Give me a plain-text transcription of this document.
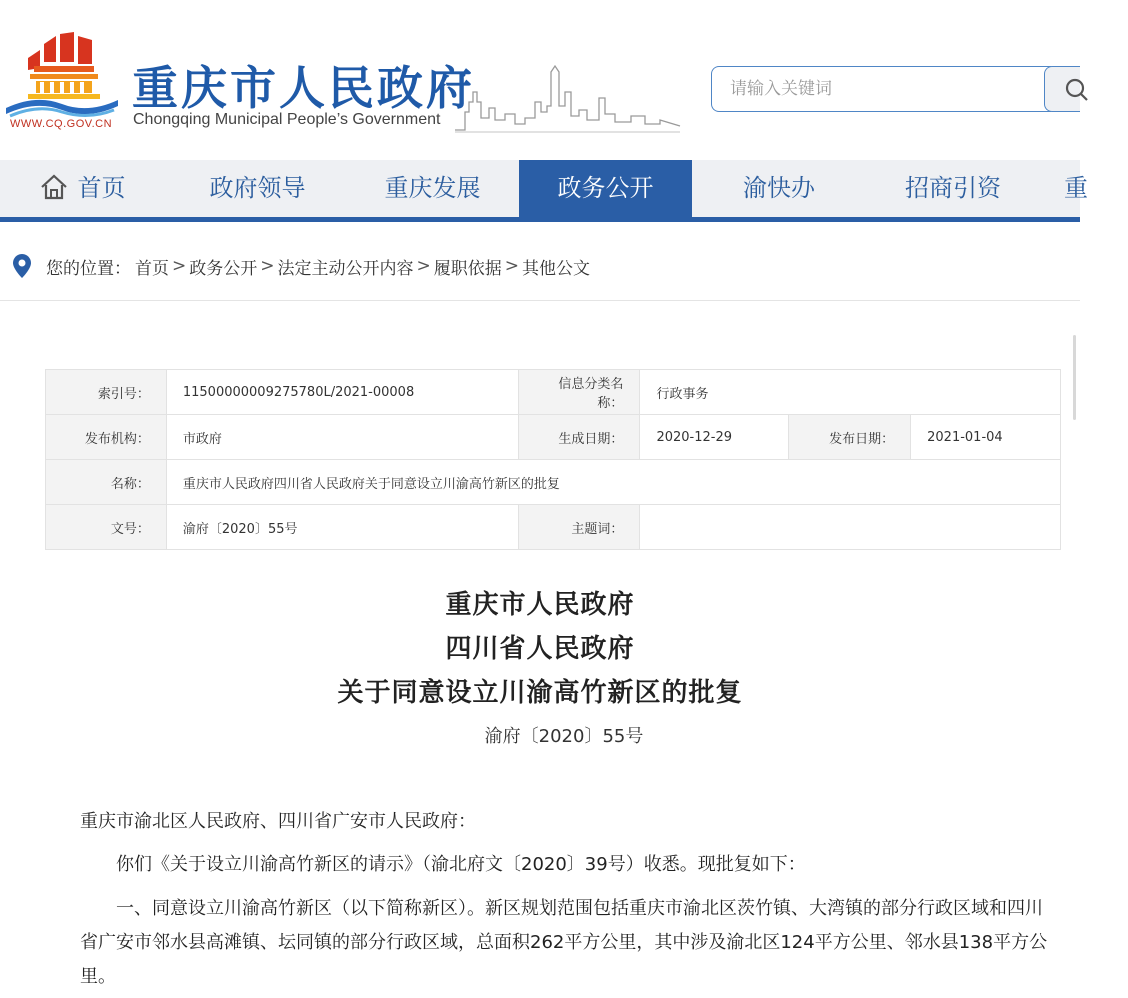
WWW.CQ.GOV.CN
重庆市人民政府
Chongqing Municipal People’s Government
请输入关键词
首页	政府领导	重庆发展	政务公开	渝快办	招商引资	重
您的位置： 首页 > 政务公开 > 法定主动公开内容 > 履职依据 > 其他公文
索引号：	11500000009275780L/2021-00008	信息分类名称：	行政事务		
发布机构：	市政府	生成日期：	2020-12-29	发布日期：	2021-01-04
名称：	重庆市人民政府四川省人民政府关于同意设立川渝高竹新区的批复				
文号：	渝府〔2020〕55号	主题词：			
重庆市人民政府
四川省人民政府
关于同意设立川渝高竹新区的批复
渝府〔2020〕55号
重庆市渝北区人民政府、四川省广安市人民政府：
你们《关于设立川渝高竹新区的请示》（渝北府文〔2020〕39号）收悉。现批复如下：
一、同意设立川渝高竹新区（以下简称新区）。新区规划范围包括重庆市渝北区茨竹镇、大湾镇的部分行政区域和四川省广安市邻水县高滩镇、坛同镇的部分行政区域，总面积262平方公里，其中涉及渝北区124平方公里、邻水县138平方公里。
